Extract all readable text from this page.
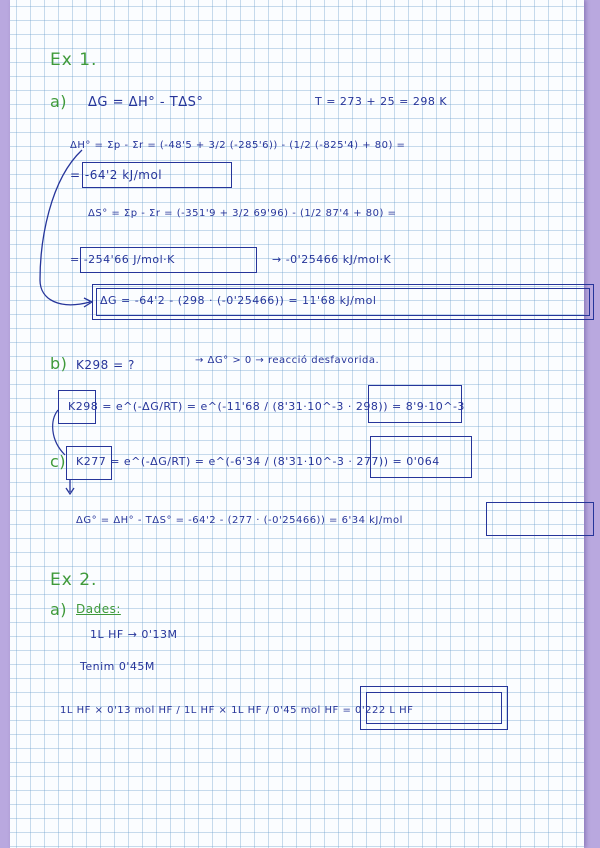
Ex 1.
a) ΔG = ΔH° - TΔS°	T = 273 + 25 = 298 K
ΔH° = Σp - Σr = (-48'5 + 3/2 (-285'6)) - (1/2 (-825'4) + 80) =
= -64'2 kJ/mol
ΔS° = Σp - Σr = (-351'9 + 3/2 69'96) - (1/2 87'4 + 80) =
= -254'66 J/mol·K	→ -0'25466 kJ/mol·K
ΔG = -64'2 - (298 · (-0'25466)) = 11'68 kJ/mol
b) K298 = ?	→ ΔG° > 0 → reacció desfavorida.
K298 = e^(-ΔG/RT) = e^(-11'68 / (8'31·10^-3 · 298)) = 8'9·10^-3
c) K277 = e^(-ΔG/RT) = e^(-6'34 / (8'31·10^-3 · 277)) = 0'064
ΔG° = ΔH° - TΔS° = -64'2 - (277 · (-0'25466)) = 6'34 kJ/mol
Ex 2.
a) Dades:
1L HF → 0'13M
Tenim 0'45M
1L HF × 0'13 mol HF / 1L HF × 1L HF / 0'45 mol HF = 0'222 L HF
